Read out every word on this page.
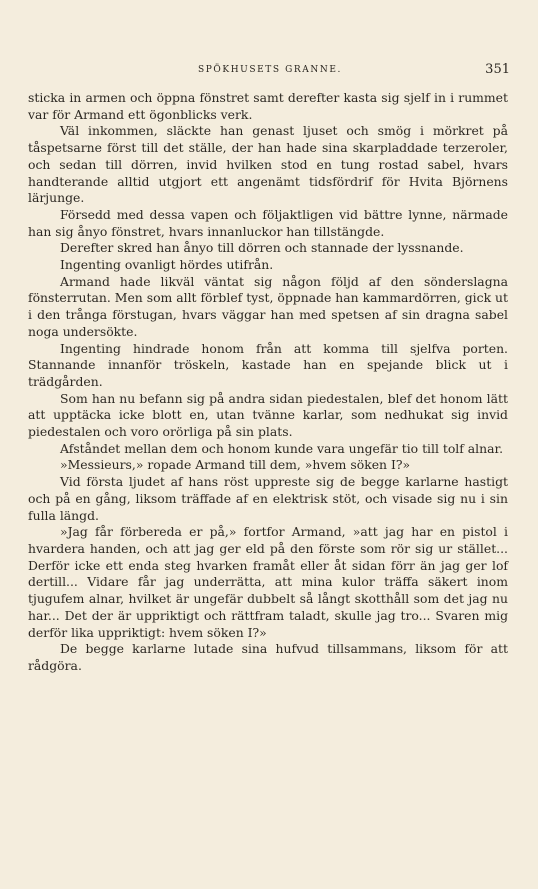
SPÖKHUSETS GRANNE.	351

sticka in armen och öppna fönstret samt derefter kasta sig sjelf in i rummet var för Armand ett ögonblicks verk.

Väl inkommen, släckte han genast ljuset och smög i mörkret på tåspetsarne först till det ställe, der han hade sina skarpladdade terzeroler, och sedan till dörren, invid hvilken stod en tung rostad sabel, hvars handterande alltid utgjort ett angenämt tidsfördrif för Hvita Björnens lärjunge.

Försedd med dessa vapen och följaktligen vid bättre lynne, närmade han sig ånyo fönstret, hvars innanluckor han tillstängde.

Derefter skred han ånyo till dörren och stannade der lyssnande.

Ingenting ovanligt hördes utifrån.

Armand hade likväl väntat sig någon följd af den sönderslagna fönsterrutan. Men som allt förblef tyst, öppnade han kammardörren, gick ut i den trånga förstugan, hvars väggar han med spetsen af sin dragna sabel noga undersökte.

Ingenting hindrade honom från att komma till sjelfva porten. Stannande innanför tröskeln, kastade han en spejande blick ut i trädgården.

Som han nu befann sig på andra sidan piedestalen, blef det honom lätt att upptäcka icke blott en, utan tvänne karlar, som nedhukat sig invid piedestalen och voro orörliga på sin plats.

Afståndet mellan dem och honom kunde vara ungefär tio till tolf alnar.

»Messieurs,» ropade Armand till dem, »hvem söken I?»

Vid första ljudet af hans röst uppreste sig de begge karlarne hastigt och på en gång, liksom träffade af en elektrisk stöt, och visade sig nu i sin fulla längd.

»Jag får förbereda er på,» fortfor Armand, »att jag har en pistol i hvardera handen, och att jag ger eld på den förste som rör sig ur stället... Derför icke ett enda steg hvarken framåt eller åt sidan förr än jag ger lof dertill... Vidare får jag underrätta, att mina kulor träffa säkert inom tjugufem alnar, hvilket är ungefär dubbelt så långt skotthåll som det jag nu har... Det der är uppriktigt och rättfram taladt, skulle jag tro... Svaren mig derför lika uppriktigt: hvem söken I?»

De begge karlarne lutade sina hufvud tillsammans, liksom för att rådgöra.
